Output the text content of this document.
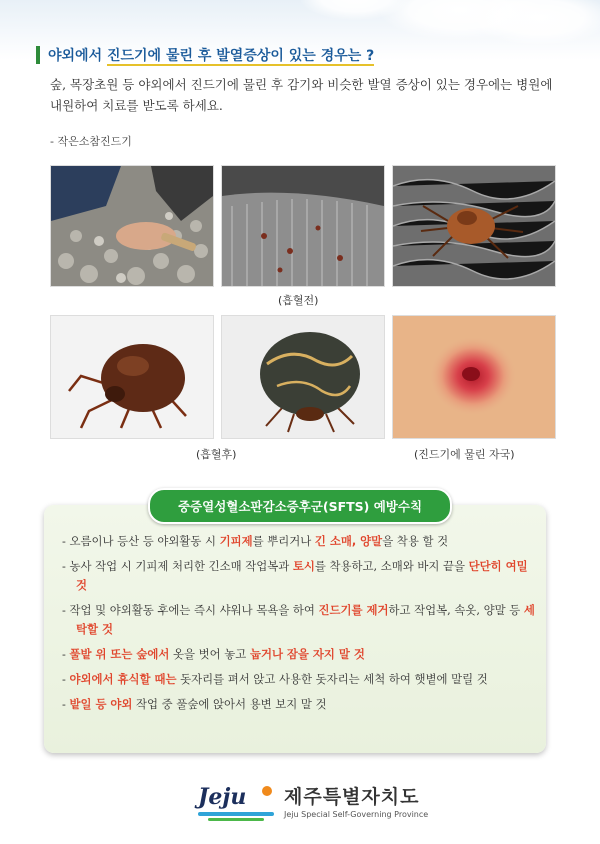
야외에서 진드기에 물린 후 발열증상이 있는 경우는 ?
숲, 목장초원 등 야외에서 진드기에 물린 후 감기와 비슷한 발열 증상이 있는 경우에는 병원에 내원하여 치료를 받도록 하세요.
- 작은소참진드기
(흡혈전)
(흡혈후)	(진드기에 물린 자국)
중증열성혈소판감소증후군(SFTS) 예방수칙
- 오름이나 등산 등 야외활동 시 기피제를 뿌리거나 긴 소매, 양말을 착용 할 것
- 농사 작업 시 기피제 처리한 긴소매 작업복과 토시를 착용하고, 소매와 바지 끝을 단단히 여밀 것
- 작업 및 야외활동 후에는 즉시 샤워나 목욕을 하여 진드기를 제거하고 작업복, 속옷, 양말 등 세탁할 것
- 풀밭 위 또는 숲에서 옷을 벗어 놓고 눕거나 잠을 자지 말 것
- 야외에서 휴식할 때는 돗자리를 펴서 앉고 사용한 돗자리는 세척 하여 햇볕에 말릴 것
- 밭일 등 야외 작업 중 풀숲에 앉아서 용변 보지 말 것
Jeju 제주특별자치도
Jeju Special Self-Governing Province
